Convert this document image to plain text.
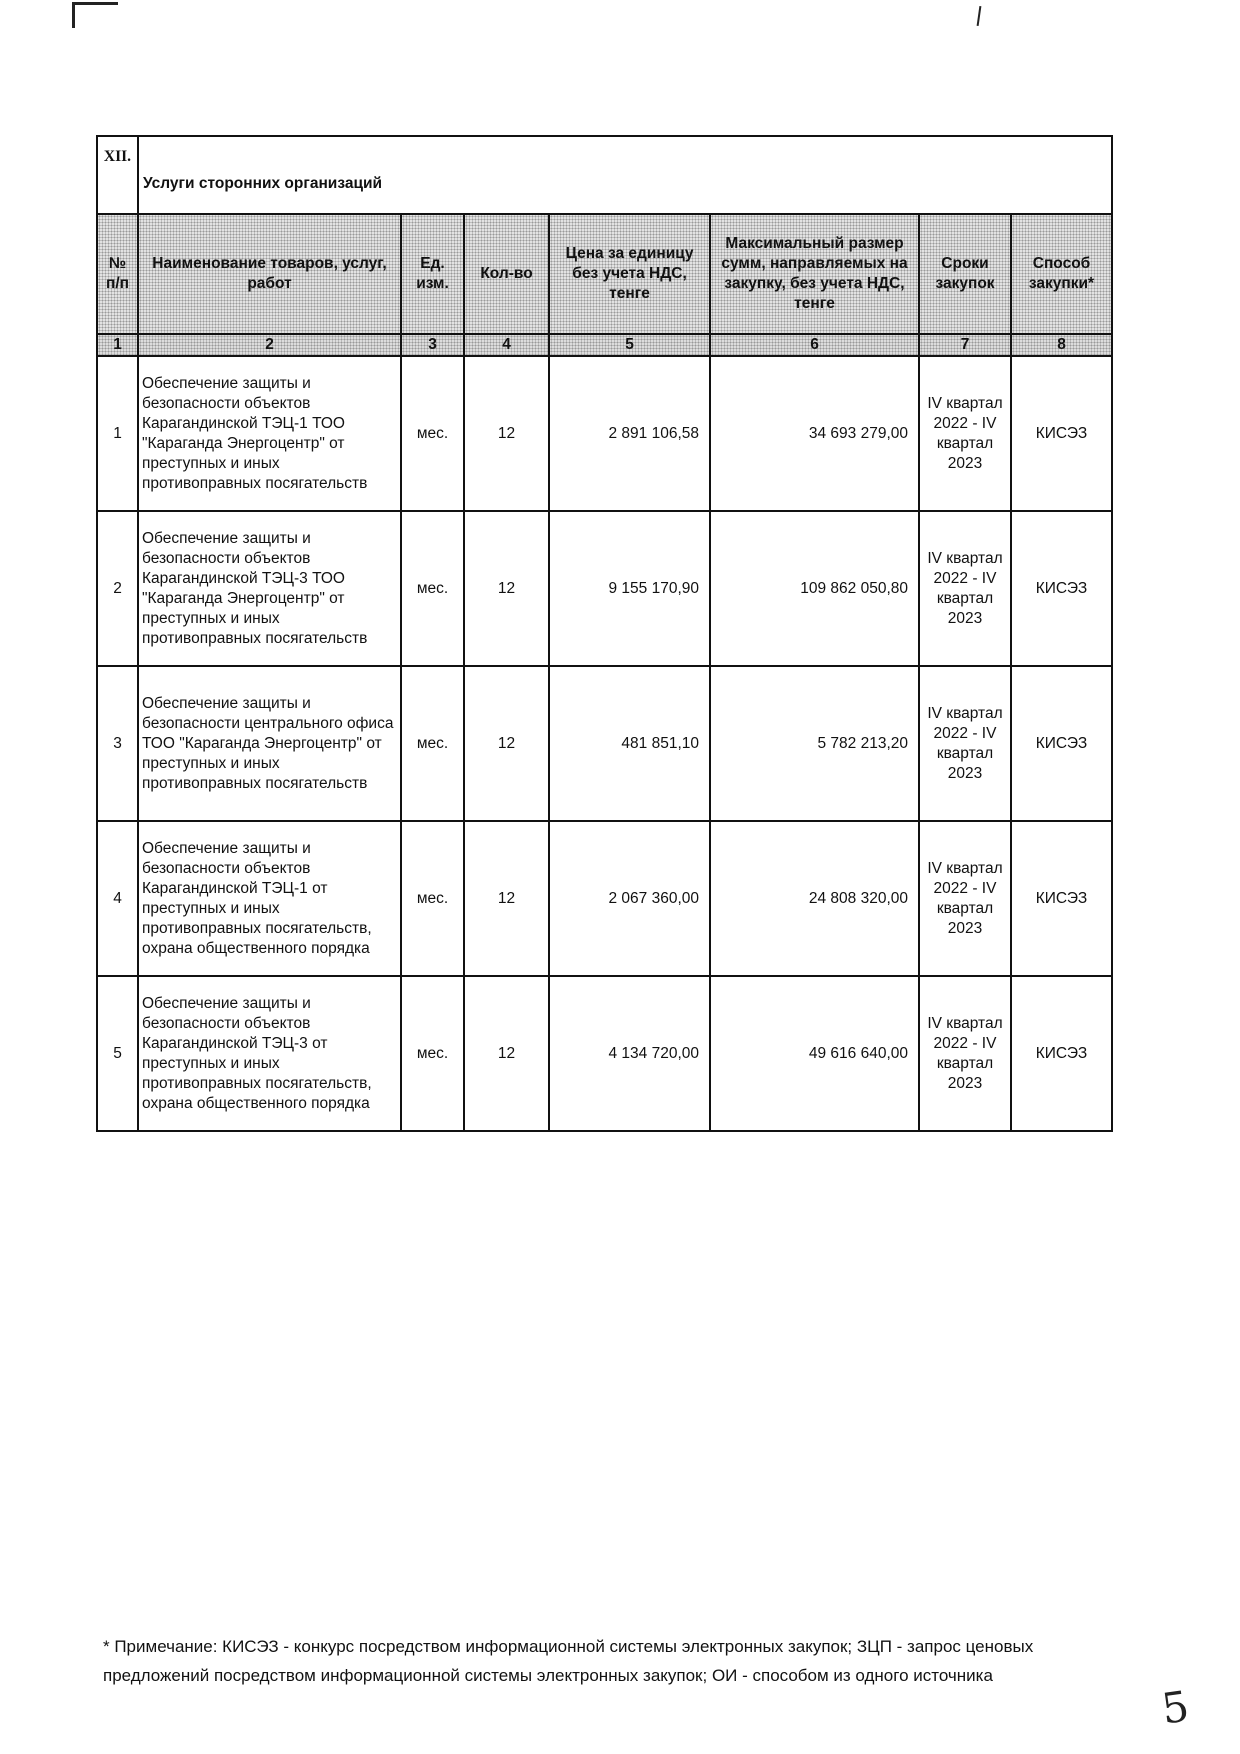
XII.	Услуги сторонних организаций						
№ п/п	Наименование товаров, услуг, работ	Ед. изм.	Кол-во	Цена за единицу без учета НДС, тенге	Максимальный размер сумм, направляемых на закупку, без учета НДС, тенге	Сроки закупок	Способ закупки*
1	2	3	4	5	6	7	8
1	Обеспечение защиты и безопасности объектов Карагандинской ТЭЦ-1 ТОО "Караганда Энергоцентр" от преступных и иных противоправных посягательств	мес.	12	2 891 106,58	34 693 279,00	IV квартал 2022 - IV квартал 2023	КИСЭЗ
2	Обеспечение защиты и безопасности объектов Карагандинской ТЭЦ-3 ТОО "Караганда Энергоцентр" от преступных и иных противоправных посягательств	мес.	12	9 155 170,90	109 862 050,80	IV квартал 2022 - IV квартал 2023	КИСЭЗ
3	Обеспечение защиты и безопасности центрального офиса ТОО "Караганда Энергоцентр" от преступных и иных противоправных посягательств	мес.	12	481 851,10	5 782 213,20	IV квартал 2022 - IV квартал 2023	КИСЭЗ
4	Обеспечение защиты и безопасности объектов Карагандинской ТЭЦ-1 от преступных и иных противоправных посягательств, охрана общественного порядка	мес.	12	2 067 360,00	24 808 320,00	IV квартал 2022 - IV квартал 2023	КИСЭЗ
5	Обеспечение защиты и безопасности объектов Карагандинской ТЭЦ-3 от преступных и иных противоправных посягательств, охрана общественного порядка	мес.	12	4 134 720,00	49 616 640,00	IV квартал 2022 - IV квартал 2023	КИСЭЗ
* Примечание: КИСЭЗ - конкурс посредством информационной системы электронных закупок; ЗЦП - запрос ценовых предложений посредством информационной системы электронных закупок; ОИ - способом из одного источника
5
